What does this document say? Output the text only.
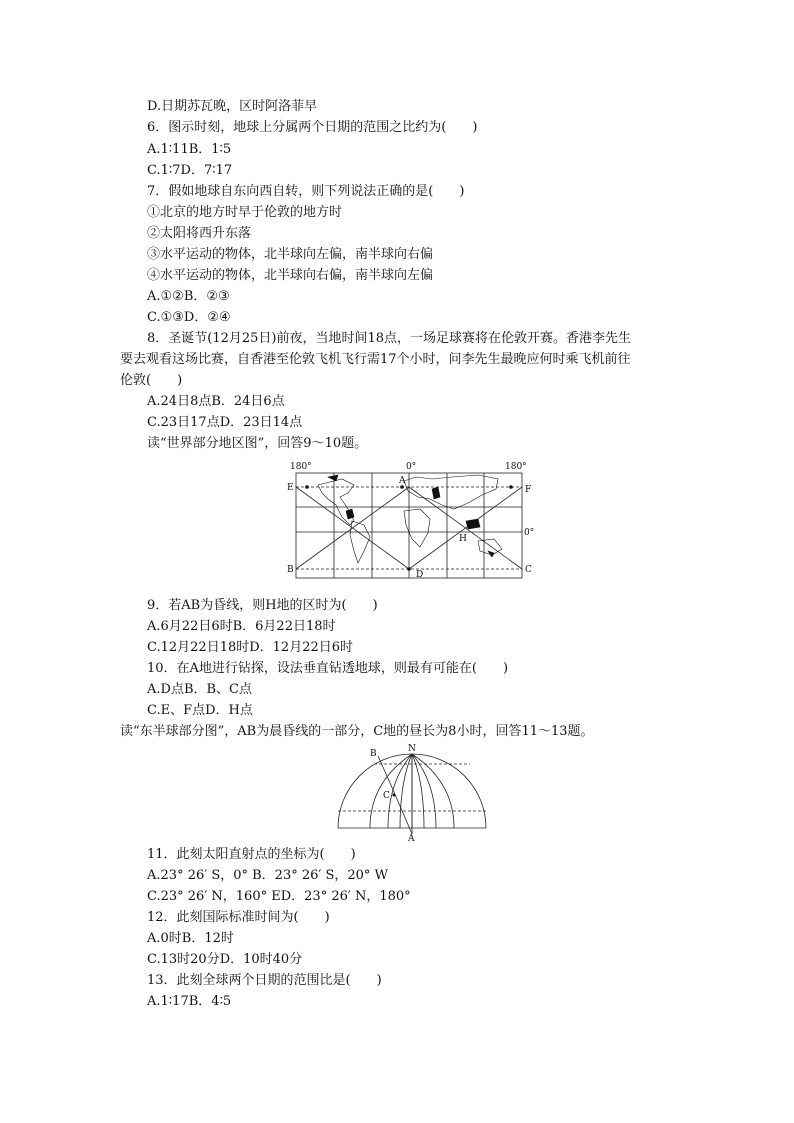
D.日期苏瓦晚，区时阿洛菲早
6．图示时刻，地球上分属两个日期的范围之比约为(　　)
A.1∶11B．1∶5
C.1∶7D．7∶17
7．假如地球自东向西自转，则下列说法正确的是(　　)
①北京的地方时早于伦敦的地方时
②太阳将西升东落
③水平运动的物体，北半球向左偏，南半球向右偏
④水平运动的物体，北半球向右偏，南半球向左偏
A.①②B．②③
C.①③D．②④
8．圣诞节(12月25日)前夜，当地时间18点，一场足球赛将在伦敦开赛。香港李先生
要去观看这场比赛，自香港至伦敦飞机飞行需17个小时，问李先生最晚应何时乘飞机前往
伦敦(　　)
A.24日8点B．24日6点
C.23日17点D．23日14点
读“世界部分地区图”，回答9～10题。
180°	0°	180°
0°
E
A
F
B	D	C
H
9．若AB为昏线，则H地的区时为(　　)
A.6月22日6时B．6月22日18时
C.12月22日18时D．12月22日6时
10．在A地进行钻探，设法垂直钻透地球，则最有可能在(　　)
A.D点B．B、C点
C.E、F点D．H点
读“东半球部分图”，AB为晨昏线的一部分，C地的昼长为8小时，回答11～13题。
N
B
C
A
11．此刻太阳直射点的坐标为(　　)
A.23° 26′ S，0° B．23° 26′ S，20° W
C.23° 26′ N，160° ED．23° 26′ N，180°
12．此刻国际标准时间为(　　)
A.0时B．12时
C.13时20分D．10时40分
13．此刻全球两个日期的范围比是(　　)
A.1∶17B．4∶5
